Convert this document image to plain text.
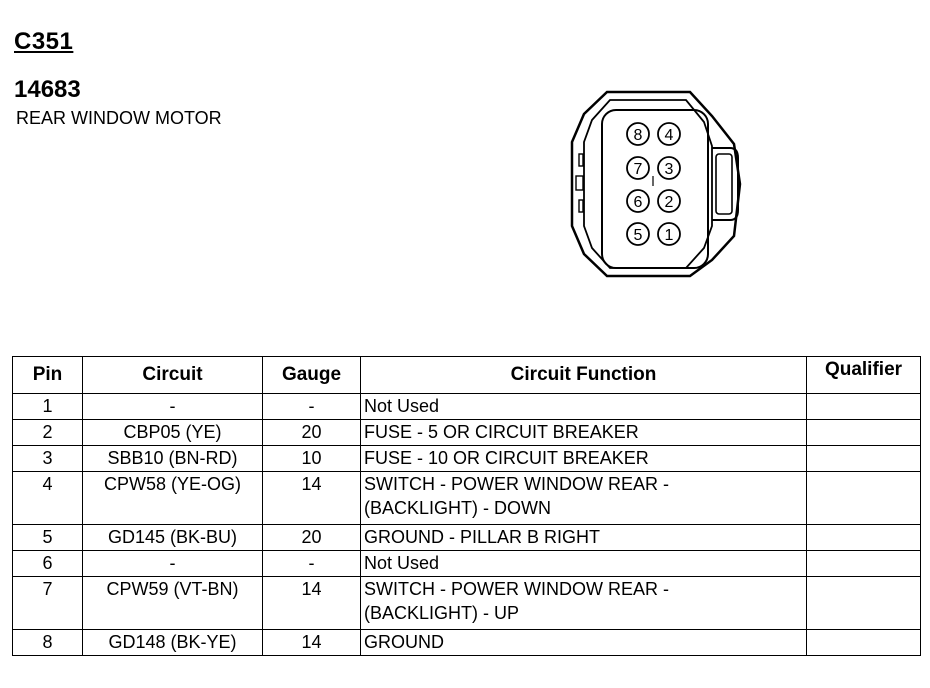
C351
14683
REAR WINDOW MOTOR
8 4
7 3
6 2
5 1
Pin	Circuit	Gauge	Circuit Function	Qualifier
1	-	-	Not Used	
2	CBP05 (YE)	20	FUSE - 5 OR CIRCUIT BREAKER	
3	SBB10 (BN-RD)	10	FUSE - 10 OR CIRCUIT BREAKER	
4	CPW58 (YE-OG)	14	SWITCH - POWER WINDOW REAR -
(BACKLIGHT) - DOWN	
5	GD145 (BK-BU)	20	GROUND - PILLAR B RIGHT	
6	-	-	Not Used	
7	CPW59 (VT-BN)	14	SWITCH - POWER WINDOW REAR -
(BACKLIGHT) - UP	
8	GD148 (BK-YE)	14	GROUND	
